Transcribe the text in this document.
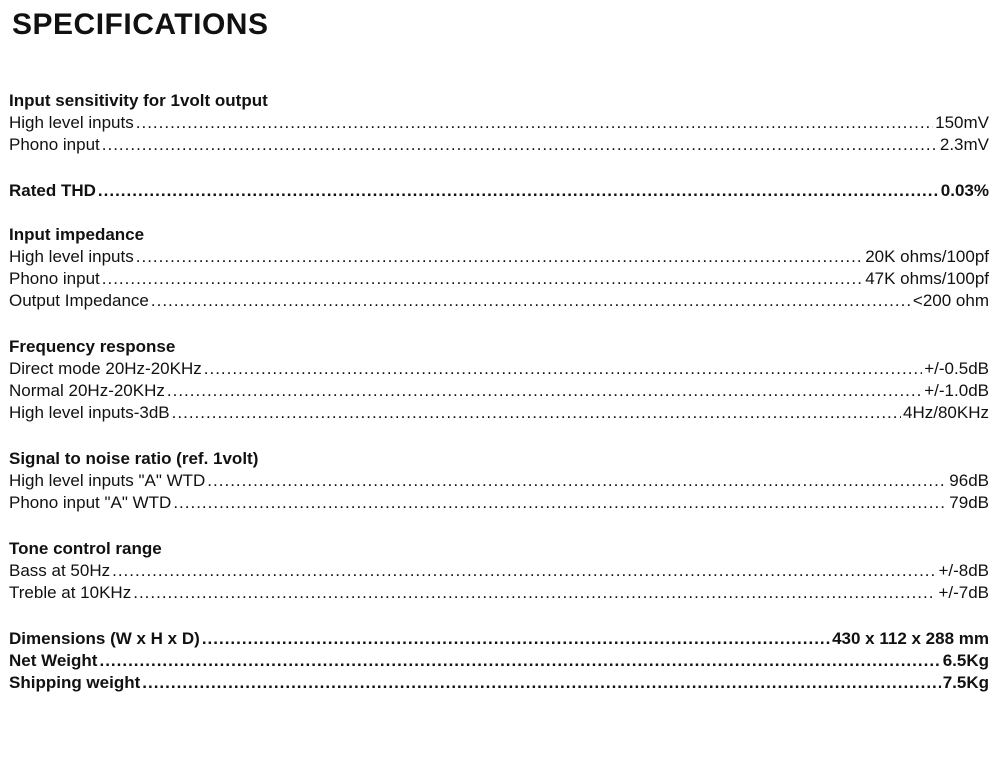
SPECIFICATIONS
Input sensitivity for 1volt output
High level inputs .....	150mV
Phono input .....	2.3mV
Rated THD .....	0.03%
Input impedance
High level inputs .....	20K ohms/100pf
Phono input .....	47K ohms/100pf
Output Impedance .....	<200 ohm
Frequency response
Direct mode 20Hz-20KHz .....	+/-0.5dB
Normal 20Hz-20KHz .....	+/-1.0dB
High level inputs-3dB .....	4Hz/80KHz
Signal to noise ratio (ref. 1volt)
High level inputs "A" WTD .....	96dB
Phono input "A" WTD .....	79dB
Tone control range
Bass at 50Hz .....	+/-8dB
Treble at 10KHz .....	+/-7dB
Dimensions (W x H x D) .....	430 x 112 x 288 mm
Net Weight .....	6.5Kg
Shipping weight .....	7.5Kg
